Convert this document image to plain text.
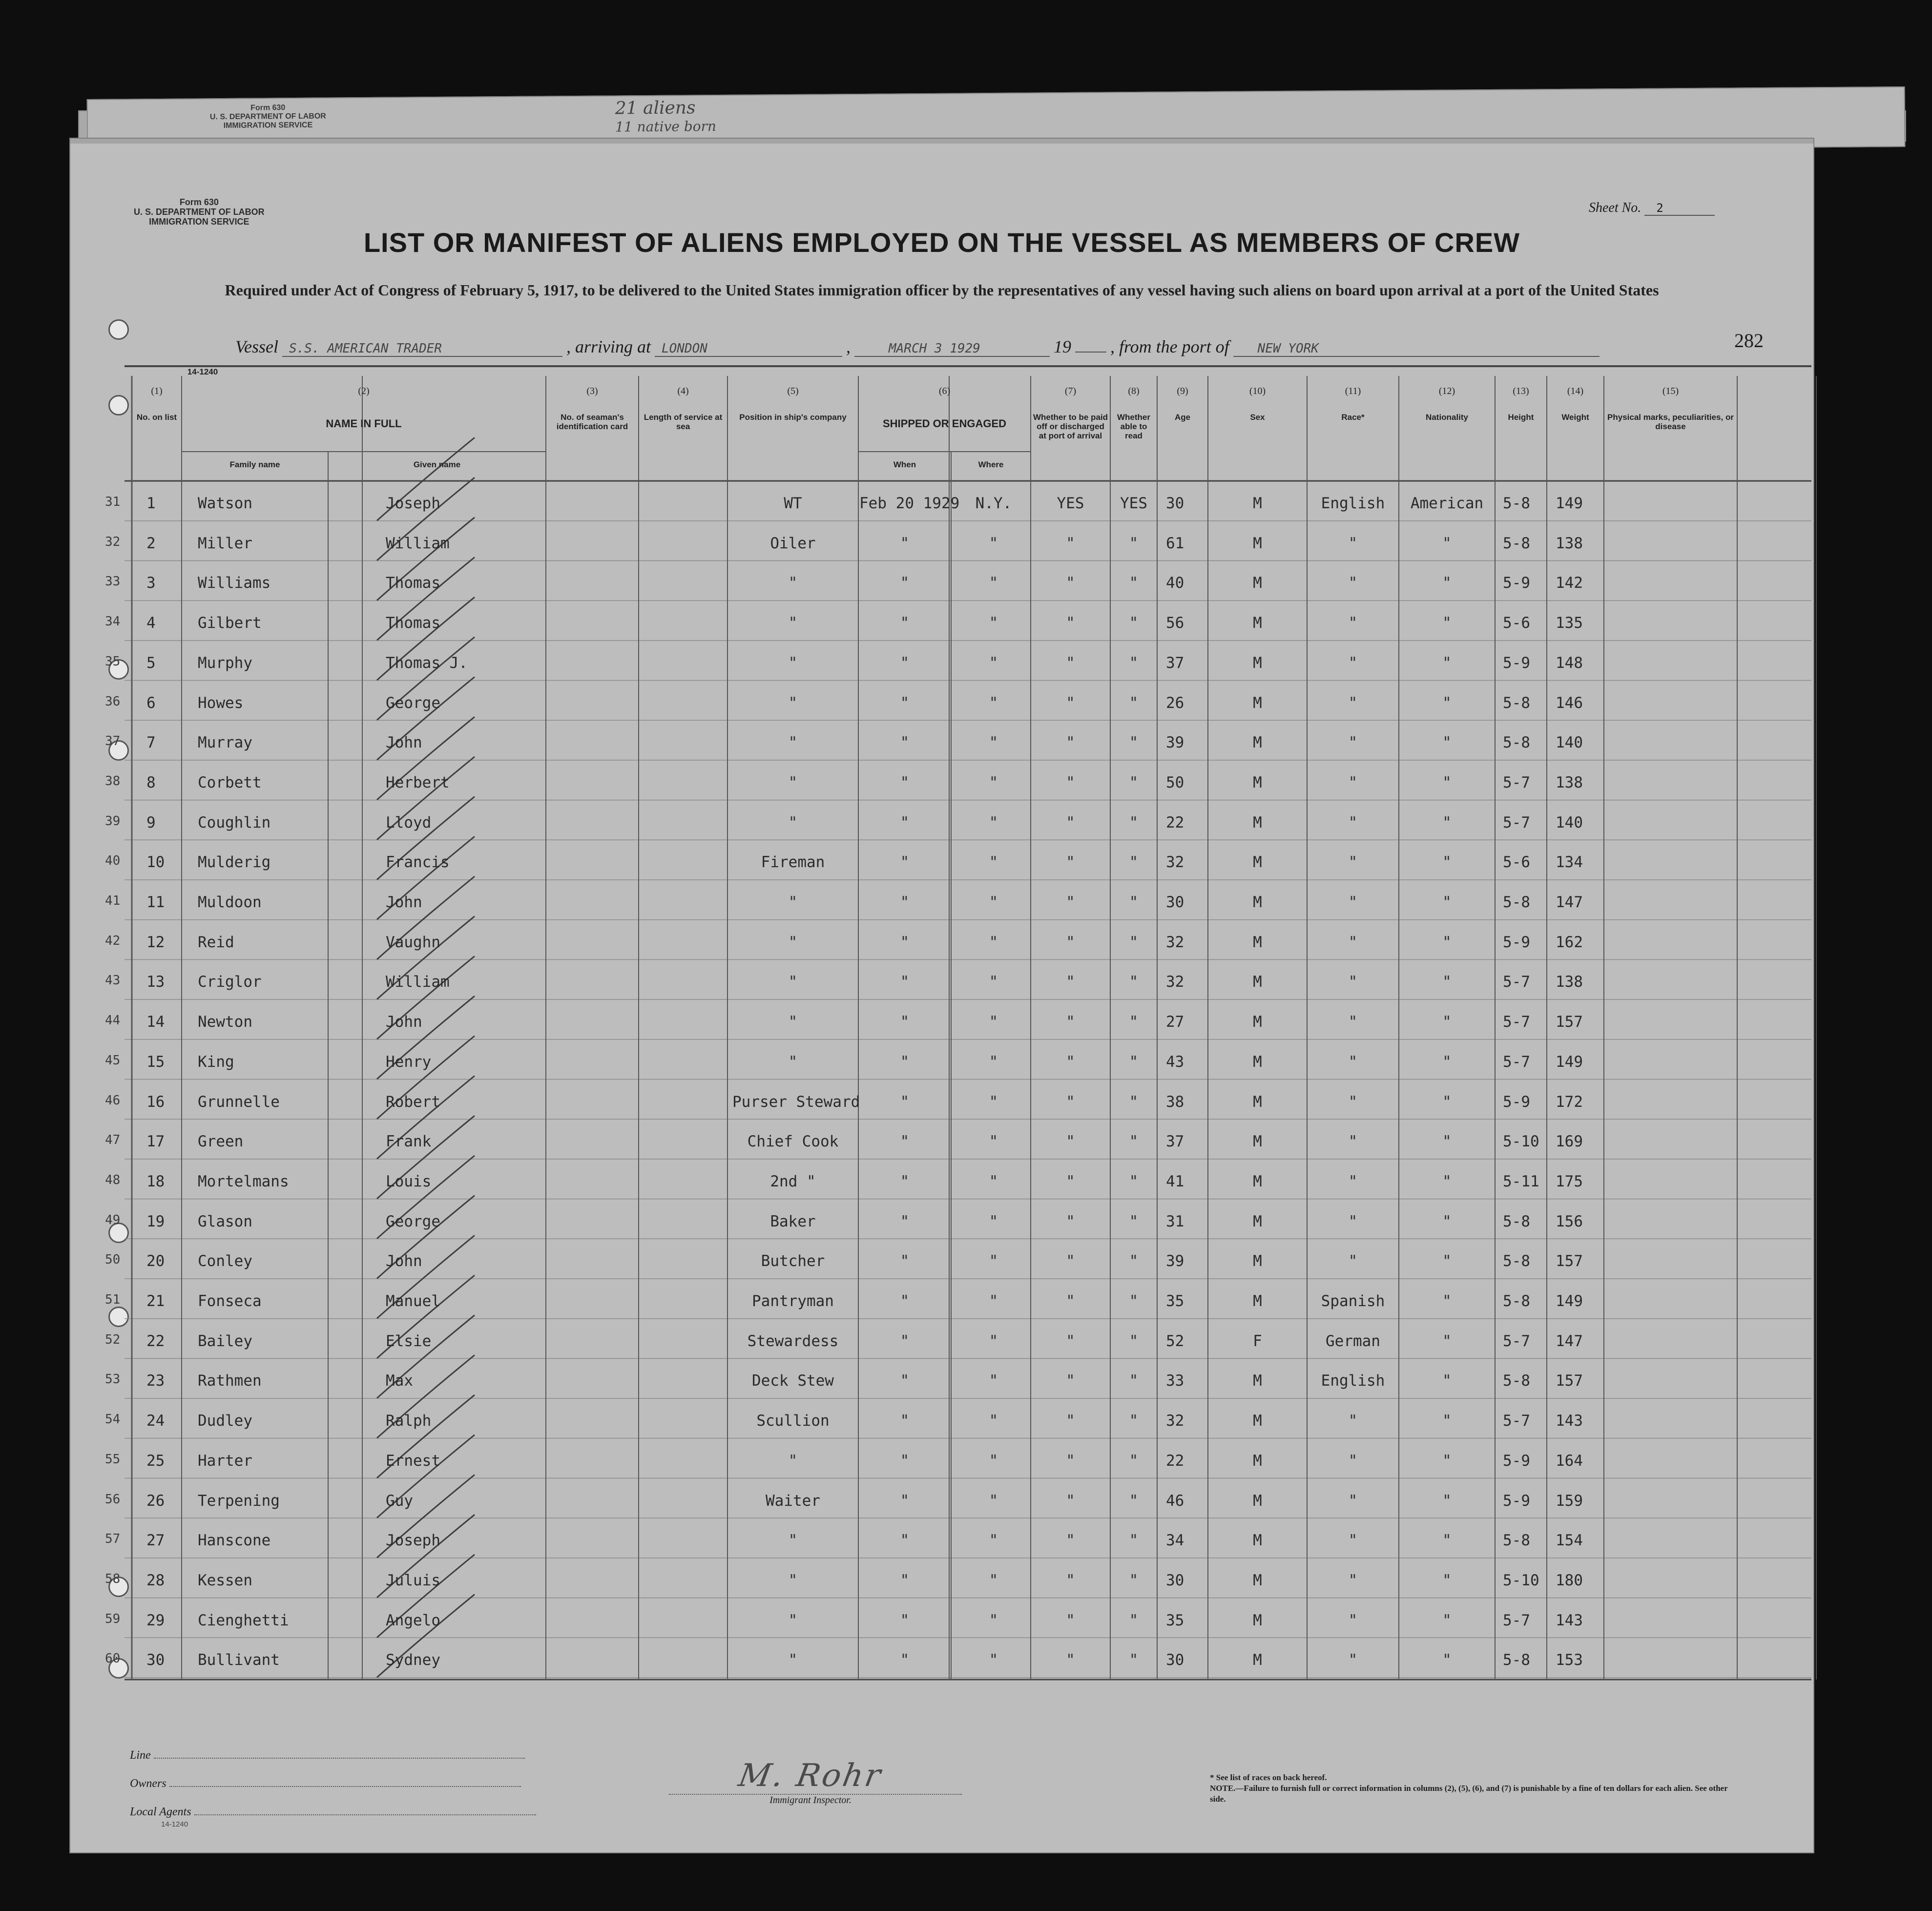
Form 630
U. S. DEPARTMENT OF LABOR
IMMIGRATION SERVICE
21 aliens
11 native born
Form 630
U. S. DEPARTMENT OF LABOR
IMMIGRATION SERVICE
Sheet No. 2
LIST OR MANIFEST OF ALIENS EMPLOYED ON THE VESSEL AS MEMBERS OF CREW
Required under Act of Congress of February 5, 1917, to be delivered to the United States immigration officer by the representatives of any vessel having such aliens on board upon arrival at a port of the United States
282
Vessel S.S. AMERICAN TRADER	, arriving at LONDON	,	MARCH 3 1929	19 , from the port of NEW YORK
(1)
No. on list
(2)
NAME IN FULL
(3)
No. of seaman's identification card
(4)
Length of service at sea
(5)
Position in ship's company
(6)
SHIPPED OR ENGAGED
(7)
Whether to be paid off or discharged at port of arrival
(8)
Whether able to read
(9)
Age
(10)
Sex
(11)
Race*
(12)
Nationality
(13)
Height
(14)
Weight
(15)
Physical marks, peculiarities, or disease
Family name	Given name	When	Where
14-1240
31 1	Watson	Joseph	WT	Feb 20 1929	N.Y.	YES	YES	30	M	English	American	5-8 149
32 2	Miller	William	Oiler	"	"	"	"	61	M	"	"	5-8 138
33 3	Williams	Thomas	"	"	"	"	"	40	M	"	"	5-9 142
34 4	Gilbert	Thomas	"	"	"	"	"	56	M	"	"	5-6 135
35 5	Murphy	Thomas J.	"	"	"	"	"	37	M	"	"	5-9 148
36 6	Howes	George	"	"	"	"	"	26	M	"	"	5-8 146
37 7	Murray	John	"	"	"	"	"	39	M	"	"	5-8 140
38 8	Corbett	Herbert	"	"	"	"	"	50	M	"	"	5-7 138
39 9	Coughlin	Lloyd	"	"	"	"	"	22	M	"	"	5-7 140
40 10 Mulderig	Francis	Fireman	"	"	"	"	32	M	"	"	5-6 134
41 11 Muldoon	John	"	"	"	"	"	30	M	"	"	5-8 147
42 12 Reid	Vaughn	"	"	"	"	"	32	M	"	"	5-9 162
43 13 Criglor	William	"	"	"	"	"	32	M	"	"	5-7 138
44 14 Newton	John	"	"	"	"	"	27	M	"	"	5-7 157
45 15 King	Henry	"	"	"	"	"	43	M	"	"	5-7 149
46 16 Grunnelle	Robert	Purser Steward	"	"	"	"	38	M	"	"	5-9 172
47 17 Green	Frank	Chief Cook	"	"	"	"	37	M	"	"	5-10 169
48 18 Mortelmans	Louis	2nd "	"	"	"	"	41	M	"	"	5-11 175
49 19 Glason	George	Baker	"	"	"	"	31	M	"	"	5-8 156
50 20 Conley	John	Butcher	"	"	"	"	39	M	"	"	5-8 157
51 21 Fonseca	Manuel	Pantryman	"	"	"	"	35	M	Spanish	"	5-8 149
52 22 Bailey	Elsie	Stewardess	"	"	"	"	52	F	German	"	5-7 147
53 23 Rathmen	Max	Deck Stew	"	"	"	"	33	M	English	"	5-8 157
54 24 Dudley	Ralph	Scullion	"	"	"	"	32	M	"	"	5-7 143
55 25 Harter	Ernest	"	"	"	"	"	22	M	"	"	5-9 164
56 26 Terpening	Guy	Waiter	"	"	"	"	46	M	"	"	5-9 159
57 27 Hanscone	Joseph	"	"	"	"	"	34	M	"	"	5-8 154
58 28 Kessen	Juluis	"	"	"	"	"	30	M	"	"	5-10 180
59 29 Cienghetti	Angelo	"	"	"	"	"	35	M	"	"	5-7 143
60 30 Bullivant	Sydney	"	"	"	"	"	30	M	"	"	5-8 153
Line
Owners
Local Agents
14-1240
M. Rohr
Immigrant Inspector.
* See list of races on back hereof.
NOTE.—Failure to furnish full or correct information in columns (2), (5), (6), and (7) is punishable by a fine of ten dollars for each alien. See other side.
